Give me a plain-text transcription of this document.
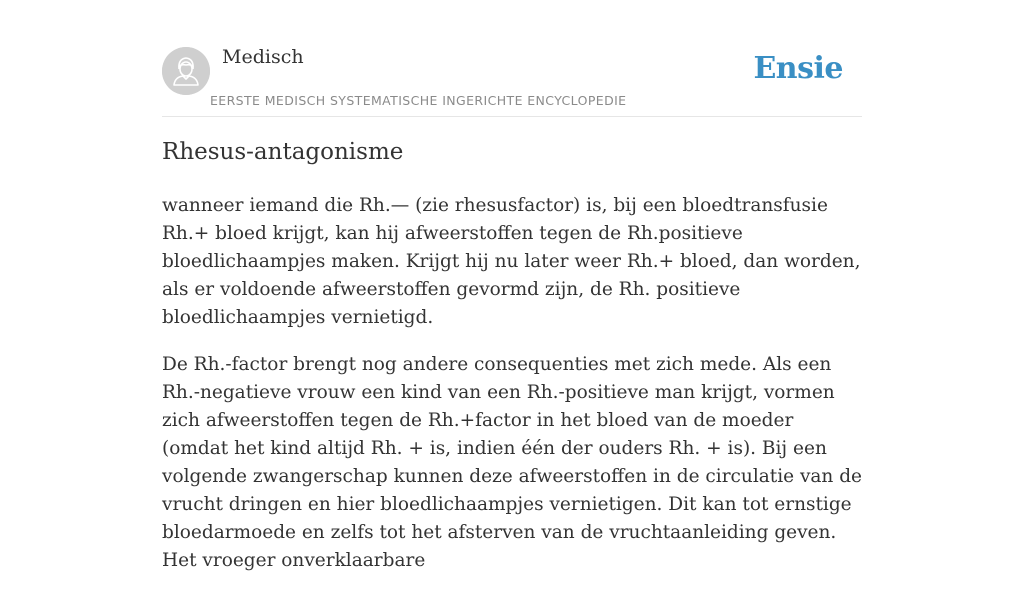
Medisch
EERSTE MEDISCH SYSTEMATISCHE INGERICHTE ENCYCLOPEDIE
Ensie
Rhesus-antagonisme

wanneer iemand die Rh.— (zie rhesusfactor) is, bij een bloedtransfusie Rh.+ bloed krijgt, kan hij afweerstoffen tegen de Rh.positieve bloedlichaampjes maken. Krijgt hij nu later weer Rh.+ bloed, dan worden, als er voldoende afweerstoffen gevormd zijn, de Rh. positieve bloedlichaampjes vernietigd.

De Rh.-factor brengt nog andere consequenties met zich mede. Als een Rh.-negatieve vrouw een kind van een Rh.-positieve man krijgt, vormen zich afweerstoffen tegen de Rh.+factor in het bloed van de moeder (omdat het kind altijd Rh. + is, indien één der ouders Rh. + is). Bij een volgende zwangerschap kunnen deze afweerstoffen in de circulatie van de vrucht dringen en hier bloedlichaampjes vernietigen. Dit kan tot ernstige bloedarmoede en zelfs tot het afsterven van de vruchtaanleiding geven. Het vroeger onverklaarbare
